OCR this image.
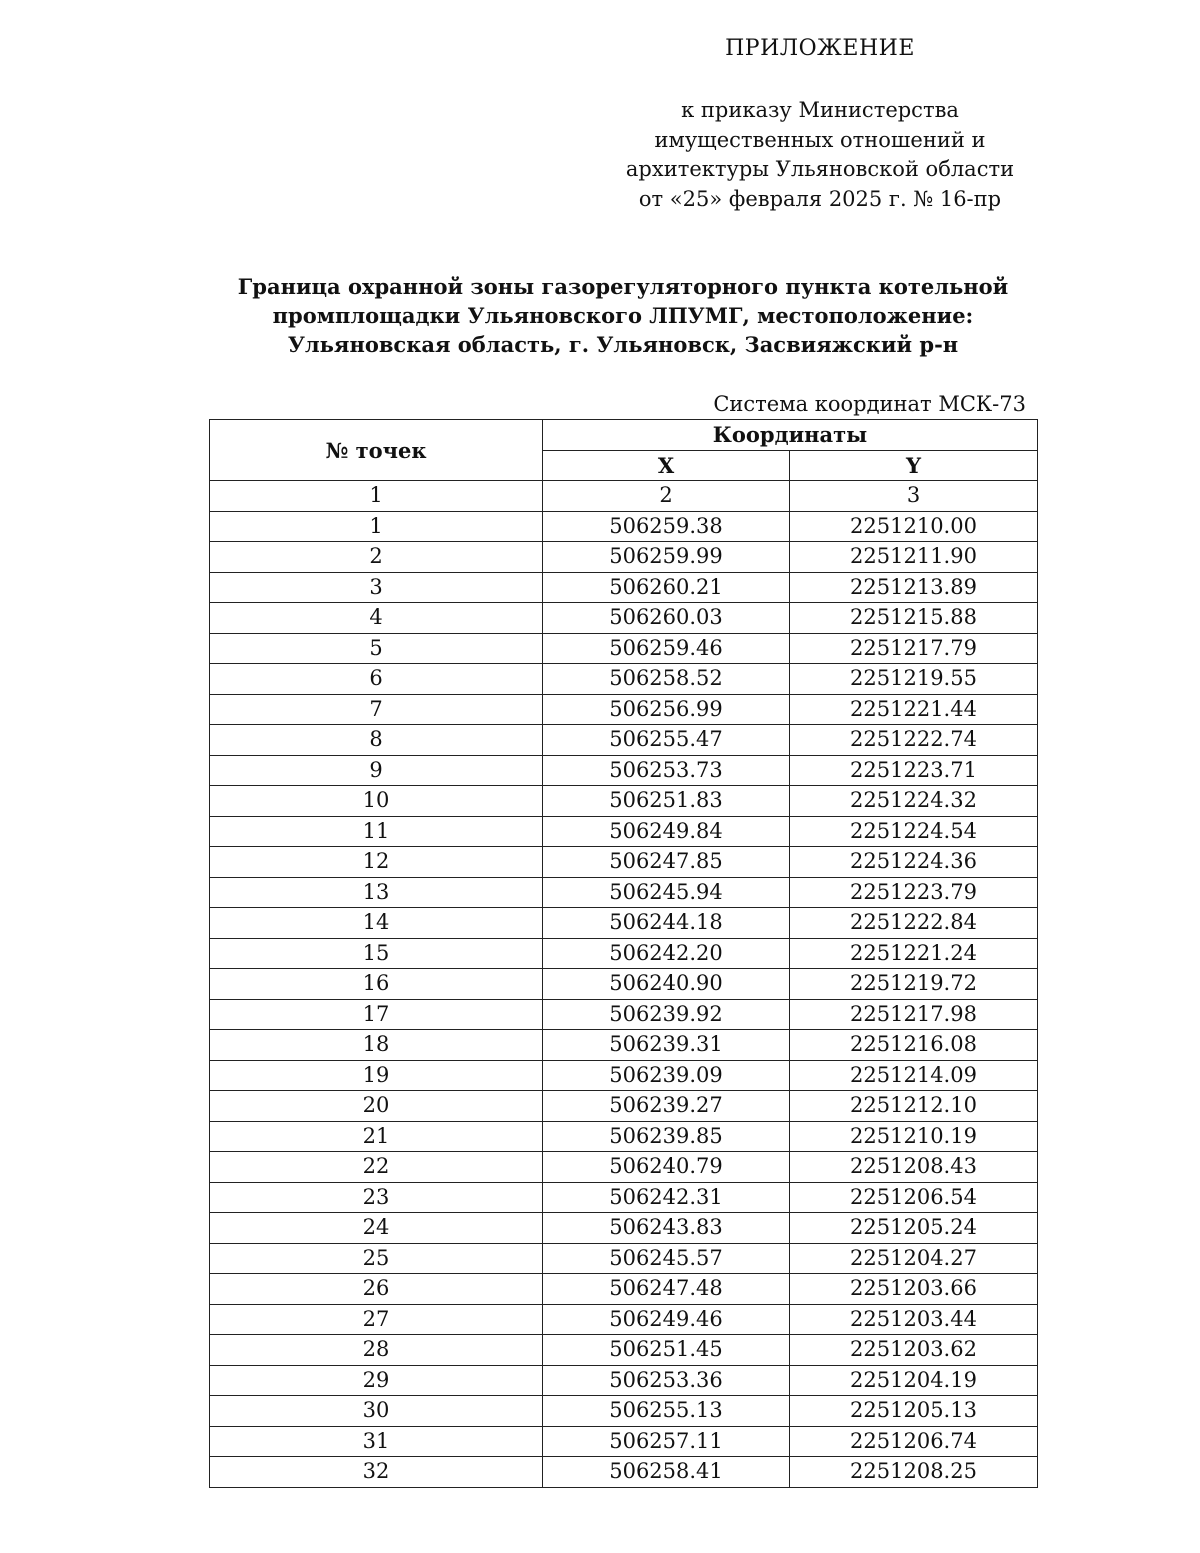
ПРИЛОЖЕНИЕ
к приказу Министерства
имущественных отношений и
архитектуры Ульяновской области
от «25» февраля 2025 г. № 16-пр
Граница охранной зоны газорегуляторного пункта котельной
промплощадки Ульяновского ЛПУМГ, местоположение:
Ульяновская область, г. Ульяновск, Засвияжский р-н
Система координат МСК-73
№ точек	Координаты	
	X	Y
1	2	3
1	506259.38	2251210.00
2	506259.99	2251211.90
3	506260.21	2251213.89
4	506260.03	2251215.88
5	506259.46	2251217.79
6	506258.52	2251219.55
7	506256.99	2251221.44
8	506255.47	2251222.74
9	506253.73	2251223.71
10	506251.83	2251224.32
11	506249.84	2251224.54
12	506247.85	2251224.36
13	506245.94	2251223.79
14	506244.18	2251222.84
15	506242.20	2251221.24
16	506240.90	2251219.72
17	506239.92	2251217.98
18	506239.31	2251216.08
19	506239.09	2251214.09
20	506239.27	2251212.10
21	506239.85	2251210.19
22	506240.79	2251208.43
23	506242.31	2251206.54
24	506243.83	2251205.24
25	506245.57	2251204.27
26	506247.48	2251203.66
27	506249.46	2251203.44
28	506251.45	2251203.62
29	506253.36	2251204.19
30	506255.13	2251205.13
31	506257.11	2251206.74
32	506258.41	2251208.25
